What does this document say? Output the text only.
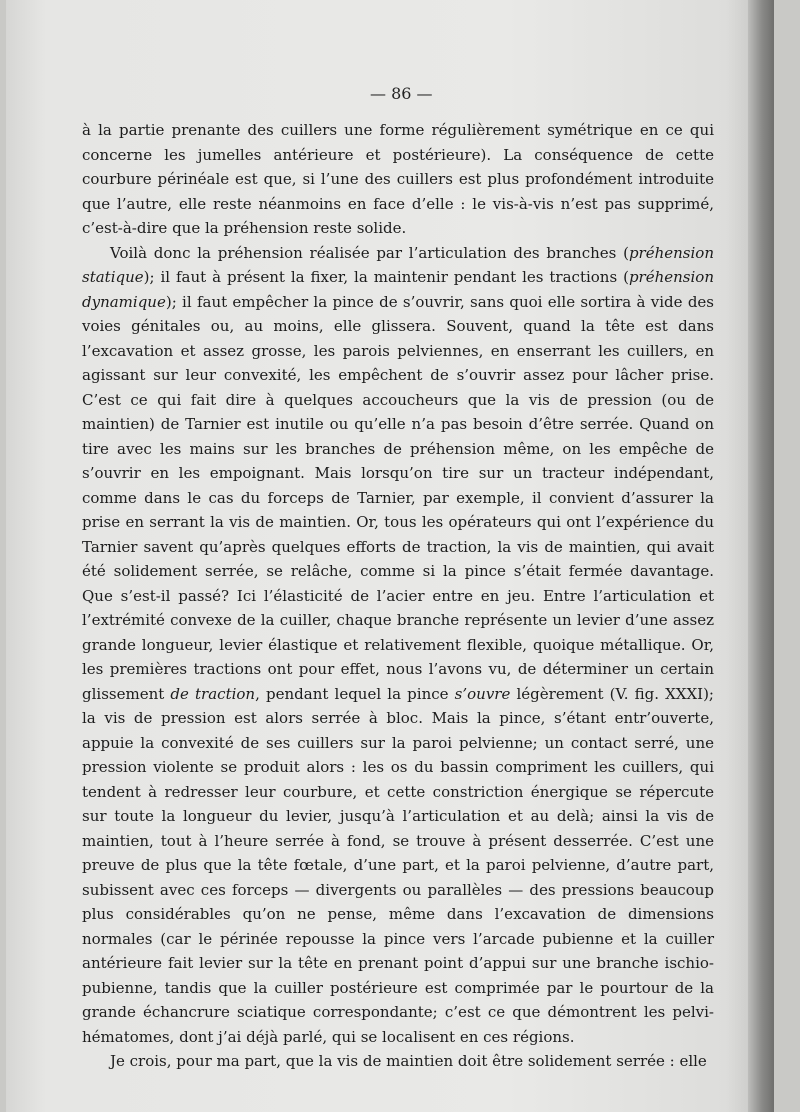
— 86 —

à la partie prenante des cuillers une forme régulièrement symétrique en ce qui concerne les jumelles antérieure et postérieure). La conséquence de cette courbure périnéale est que, si l’une des cuillers est plus profondément introduite que l’autre, elle reste néanmoins en face d’elle : le vis-à-vis n’est pas supprimé, c’est-à-dire que la préhension reste solide.

Voilà donc la préhension réalisée par l’articulation des branches (préhension statique); il faut à présent la fixer, la maintenir pendant les tractions (préhension dynamique); il faut empêcher la pince de s’ouvrir, sans quoi elle sortira à vide des voies génitales ou, au moins, elle glissera. Souvent, quand la tête est dans l’excavation et assez grosse, les parois pelviennes, en enserrant les cuillers, en agissant sur leur convexité, les empêchent de s’ouvrir assez pour lâcher prise. C’est ce qui fait dire à quelques accoucheurs que la vis de pression (ou de maintien) de Tarnier est inutile ou qu’elle n’a pas besoin d’être serrée. Quand on tire avec les mains sur les branches de préhension même, on les empêche de s’ouvrir en les empoignant. Mais lorsqu’on tire sur un tracteur indépendant, comme dans le cas du forceps de Tarnier, par exemple, il convient d’assurer la prise en serrant la vis de maintien. Or, tous les opérateurs qui ont l’expérience du Tarnier savent qu’après quelques efforts de traction, la vis de maintien, qui avait été solidement serrée, se relâche, comme si la pince s’était fermée davantage. Que s’est-il passé? Ici l’élasticité de l’acier entre en jeu. Entre l’articulation et l’extrémité convexe de la cuiller, chaque branche représente un levier d’une assez grande longueur, levier élastique et relativement flexible, quoique métallique. Or, les premières tractions ont pour effet, nous l’avons vu, de déterminer un certain glissement de traction, pendant lequel la pince s’ouvre légèrement (V. fig. XXXI); la vis de pression est alors serrée à bloc. Mais la pince, s’étant entr’ouverte, appuie la convexité de ses cuillers sur la paroi pelvienne; un contact serré, une pression violente se produit alors : les os du bassin compriment les cuillers, qui tendent à redresser leur courbure, et cette constriction énergique se répercute sur toute la longueur du levier, jusqu’à l’articulation et au delà; ainsi la vis de maintien, tout à l’heure serrée à fond, se trouve à présent desserrée. C’est une preuve de plus que la tête fœtale, d’une part, et la paroi pelvienne, d’autre part, subissent avec ces forceps — divergents ou parallèles — des pressions beaucoup plus considérables qu’on ne pense, même dans l’excavation de dimensions normales (car le périnée repousse la pince vers l’arcade pubienne et la cuiller antérieure fait levier sur la tête en prenant point d’appui sur une branche ischio-pubienne, tandis que la cuiller postérieure est comprimée par le pourtour de la grande échancrure sciatique correspondante; c’est ce que démontrent les pelvi-hématomes, dont j’ai déjà parlé, qui se localisent en ces régions.

Je crois, pour ma part, que la vis de maintien doit être solidement serrée : elle
